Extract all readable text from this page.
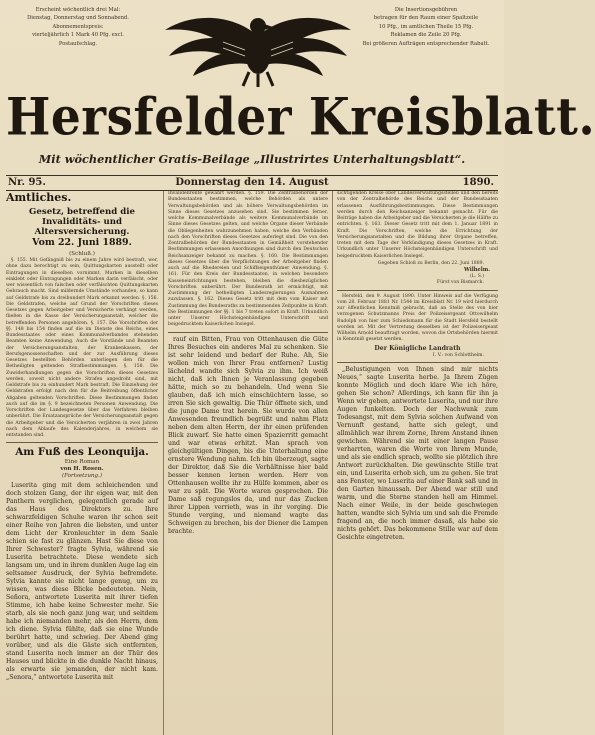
Erscheint wöchentlich drei Mal:
Dienstag, Donnerstag und Sonnabend.
Abonnementspreis:
vierteljährlich 1 Mark 40 Pfg. excl.
Postaufschlag.
Die Insertionsgebühren
betragen für den Raum einer Spaltzeile
10 Pfg., im amtlichen Theile 15 Pfg.
Reklamen die Zeile 20 Pfg.
Bei größeren Aufträgen entsprechender Rabatt.
Hersfelder Kreisblatt.
Mit wöchentlicher Gratis-Beilage „Illustrirtes Unterhaltungsblatt“.
Nr. 95.	Donnerstag den 14. August	1890.
Amtliches.
Gesetz, betreffend die
Invaliditäts- und Altersversicherung.
Vom 22. Juni 1889.
(Schluß.)

§. 155. Mit Gefängniß bis zu einem Jahre wird bestraft, wer, ohne dazu berechtigt zu sein, Quittungskarten ausstellt oder Eintragungen in dieselben vornimmt, Marken in dieselben einklebt oder Eintragungen oder Marken darin verfälscht, oder wer wissentlich von falschen oder verfälschten Quittungskarten Gebrauch macht. Sind mildernde Umstände vorhanden, so kann auf Geldstrafe bis zu dreihundert Mark erkannt werden. §. 156. Die Geldstrafen, welche auf Grund der Vorschriften dieses Gesetzes gegen Arbeitgeber und Versicherte verhängt werden, fließen in die Kasse der Versicherungsanstalt, welcher die betreffenden Personen angehören. §. 157. Die Vorschriften der §§. 148 bis 154 finden auf die im Dienste des Reichs, eines Bundesstaates oder eines Kommunalverbandes stehenden Beamten keine Anwendung. Auch die Vorstände und Beamten der Versicherungsanstalten, der Krankenkassen, der Berufsgenossenschaften und der zur Ausführung dieses Gesetzes bestellten Behörden unterliegen den für die Betheiligten geltenden Strafbestimmungen. §. 158. Die Zuwiderhandlungen gegen die Vorschriften dieses Gesetzes werden, soweit nicht andere Strafen angedroht sind, mit Geldstrafe bis zu einhundert Mark bestraft. Die Einziehung der Geldstrafen erfolgt nach den für die Beitreibung öffentlicher Abgaben geltenden Vorschriften. Diese Bestimmungen finden auch auf die im §. 9 bezeichneten Personen Anwendung. Die Vorschriften der Landesgesetze über das Verfahren bleiben unberührt. Die Ersatzansprüche der Versicherungsanstalt gegen die Arbeitgeber und die Versicherten verjähren in zwei Jahren nach dem Ablaufe des Kalenderjahres, in welchem sie entstanden sind.

Am Fuß des Leonquija.
Eine Roman
von H. Rosen.
(Fortsetzung.)

Luserita ging mit dem schleichenden und doch stolzen Gang, der ihr eigen war, mit den Panthern verglichen, gelegentlich gerade auf das Haus des Direktors zu. Ihre schwarzfeldigen Schuhe waren ihr schon seit einer Reihe von Jahren die liebsten, und unter dem Licht der Kronleuchter in dem Saale schien sie fast zu glänzen. Hast Sie diese von Ihrer Schwester? fragte Sylvia, während sie Luserita betrachtete. Diese wendete sich langsam um, und in ihrem dunklen Auge lag ein seltsamer Ausdruck, der Sylvia befremdete. Sylvia kannte sie nicht lange genug, um zu wissen, was diese Blicke bedeuteten. Nein, Señora, antwortete Luserita mit ihrer tiefen Stimme, ich habe keine Schwester mehr. Sie starb, als sie noch ganz jung war, und seitdem habe ich niemanden mehr, als den Herrn, dem ich diene. Sylvia fühlte, daß sie eine Wunde berührt hatte, und schwieg. Der Abend ging vorüber, und als die Gäste sich entfernten, stand Luserita noch immer an der Thür des Hauses und blickte in die dunkle Nacht hinaus, als erwarte sie jemanden, der nicht kam. „Senora,“ antwortete Luserita mit

Invalidenrente gewährt werden. §. 159. Die Zentralbehörden der Bundesstaaten bestimmen, welche Behörden als untere Verwaltungsbehörden und als höhere Verwaltungsbehörden im Sinne dieses Gesetzes anzusehen sind. Sie bestimmen ferner, welche Kommunalverbände als weitere Kommunalverbände im Sinne dieses Gesetzes gelten, und welche Organe dieser Verbände die Obliegenheiten wahrzunehmen haben, welche den Verbänden nach den Vorschriften dieses Gesetzes auferlegt sind. Die von den Zentralbehörden der Bundesstaaten in Gemäßheit vorstehender Bestimmungen erlassenen Anordnungen sind durch den Deutschen Reichsanzeiger bekannt zu machen. §. 160. Die Bestimmungen dieses Gesetzes über die Verpflichtungen der Arbeitgeber finden auch auf die Rhedereien und Schiffseigenthümer Anwendung. §. 161. Für den Kreis der Bundesstaaten, in welchen besondere Kasseneinrichtungen bestehen, bleiben die diesbezüglichen Vorschriften unberührt. Der Bundesrath ist ermächtigt, mit Zustimmung der betheiligten Landesregierungen Ausnahmen zuzulassen. §. 162. Dieses Gesetz tritt mit dem vom Kaiser mit Zustimmung des Bundesraths zu bestimmenden Zeitpunkte in Kraft. Die Bestimmungen der §§. 1 bis 7 treten sofort in Kraft. Urkundlich unter Unserer Höchsteigenhändigen Unterschrift und beigedrucktem Kaiserlichen Insiegel.

rauf ein Bitten, Frau von Ottenhausen die Güte Ihres Besuches ein anderes Mal zu schenken. Sie ist sehr leidend und bedarf der Ruhe. Ah, Sie wollen mich von Ihrer Frau entfernen? Lustig lächelnd wandte sich Sylvia zu ihm. Ich weiß nicht, daß ich Ihnen je Veranlassung gegeben hätte, mich so zu behandeln. Und wenn Sie glauben, daß ich mich einschüchtern lasse, so irren Sie sich gewaltig. Die Thür öffnete sich, und die junge Dame trat herein. Sie wurde von allen Anwesenden freundlich begrüßt und nahm Platz neben dem alten Herrn, der ihr einen prüfenden Blick zuwarf. Sie hatte einen Spazierritt gemacht und war etwas erhitzt. Man sprach von gleichgültigen Dingen, bis die Unterhaltung eine ernstere Wendung nahm. Ich bin überzeugt, sagte der Direktor, daß Sie die Verhältnisse hier bald besser kennen lernen werden. Herr von Ottenhausen wollte ihr zu Hülfe kommen, aber es war zu spät. Die Worte waren gesprochen. Die Dame saß regungslos da, und nur das Zucken ihrer Lippen verrieth, was in ihr vorging. Die Stunde verging, und niemand wagte das Schweigen zu brechen, bis der Diener die Lampen brachte.

sichtigenden Kreise ober Landesverwaltungsstellen und den bereits von der Zentralbehörde des Reichs und der Bundesstaaten erlassenen Ausführungsbestimmungen. Diese Bestimmungen werden durch den Reichsanzeiger bekannt gemacht. Für die Beiträge haben die Arbeitgeber und die Versicherten je die Hälfte zu entrichten. §. 163. Dieser Gesetz tritt mit dem 1. Januar 1891 in Kraft. Die Vorschriften, welche die Errichtung der Versicherungsanstalten und die Bildung ihrer Organe betreffen, treten mit dem Tage der Verkündigung dieses Gesetzes in Kraft. Urkundlich unter Unserer Höchsteigenhändigen Unterschrift und beigedrucktem Kaiserlichen Insiegel.

Gegeben Schloß zu Berlin, den 22. Juni 1889.
Wilhelm.
(L. S.)
Fürst von Bismarck.

Hersfeld, den 9. August 1890. Unter Hinweis auf die Verfügung vom 28. Februar 1881 Nr. 1544 im Kreisblatt Nr. 19 wird hierdurch zur öffentlichen Kenntniß gebracht, daß an Stelle des von hier verzogenen Schutzmanns Preis der Polizeisergeant Ottowilhelm Rudolph von hier zum Schiedsmann für die Stadt Hersfeld bestellt worden ist. Mit der Vertretung desselben ist der Polizeisergeant Wilhelm Arnold beauftragt worden, wovon die Ortsbehörden hiermit in Kenntniß gesetzt werden.

Der Königliche Landrath
I. V.: von Schlottheim.

„Belustigungen von Ihnen sind mir nichts Neues,“ sagte Luserita herbe. Ja Ihrem Zügen konnte Möglich und doch klare Wie ich höre, gehen Sie schon? Allerdings, ich kann für ihn ja Wenn wir gehen, antwortete Luserita, und nur ihre Augen funkelten. Doch der Nachwunk zum Todesangst, mit dem Sylvia solchen Aufwand von Vernunft gestand, hatte sich gelegt, und allmählich war ihrem Zorne, Ihrem Anstand ihnen gewichen. Während sie mit einer langen Pause verharrten, waren die Worte von Ihrem Munde, und als sie endlich sprach, wollte sie plötzlich ihre Antwort zurückhalten. Die gewünschte Stille trat ein, und Luserita erhob sich, um zu gehen. Sie trat ans Fenster, wo Luserita auf einer Bank saß und in den Garten hinaussah. Der Abend war still und warm, und die Sterne standen hell am Himmel. Nach einer Weile, in der beide geschwiegen hatten, wandte sich Sylvia um und sah die Fremde fragend an, die noch immer dasaß, als habe sie nichts gehört. Das bekommene Stille war auf dem Gesichte eingetreten.
